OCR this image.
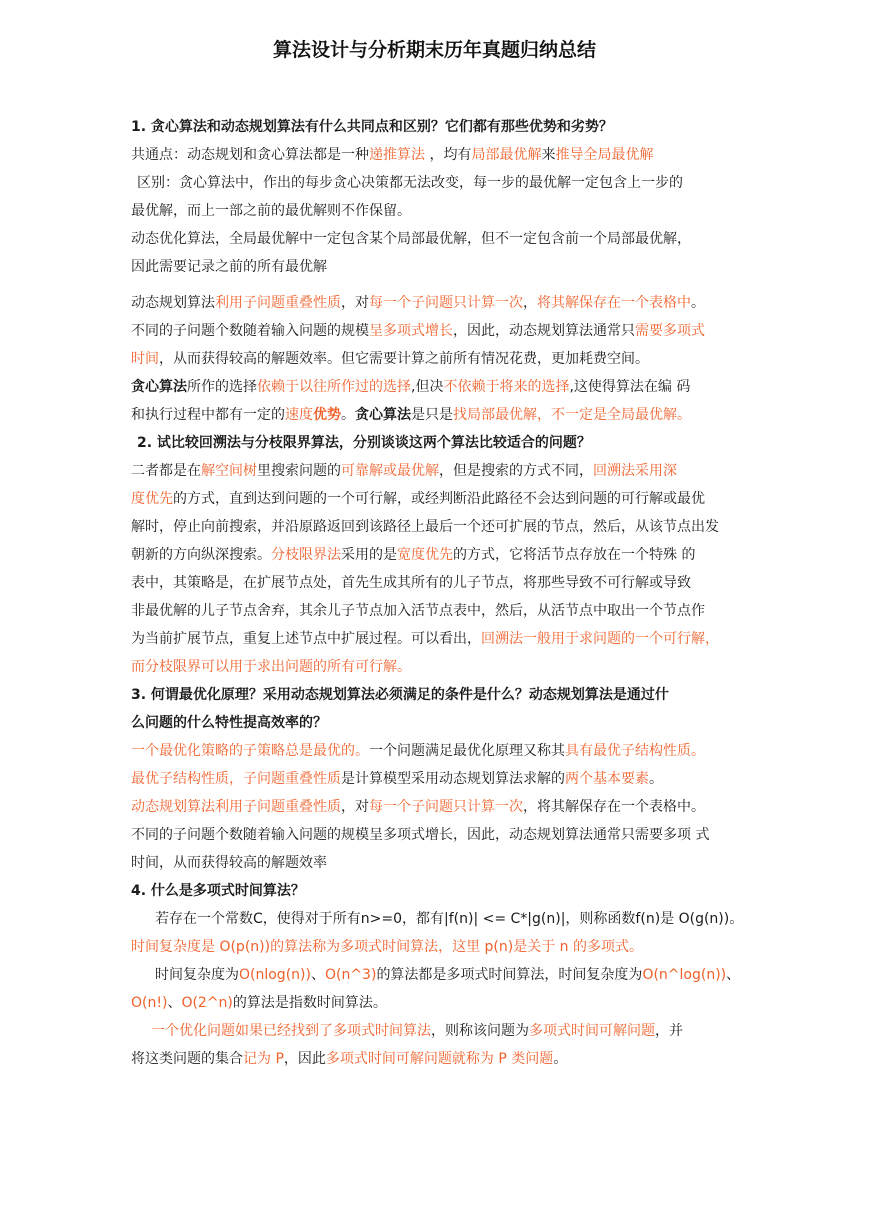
算法设计与分析期末历年真题归纳总结
1. 贪心算法和动态规划算法有什么共同点和区别？它们都有那些优势和劣势？
共通点：动态规划和贪心算法都是一种递推算法 ，均有局部最优解来推导全局最优解
区别：贪心算法中，作出的每步贪心决策都无法改变，每一步的最优解一定包含上一步的
最优解，而上一部之前的最优解则不作保留。
动态优化算法，全局最优解中一定包含某个局部最优解，但不一定包含前一个局部最优解，
因此需要记录之前的所有最优解
动态规划算法利用子问题重叠性质，对每一个子问题只计算一次，将其解保存在一个表格中。
不同的子问题个数随着输入问题的规模呈多项式增长，因此，动态规划算法通常只需要多项式
时间，从而获得较高的解题效率。但它需要计算之前所有情况花费，更加耗费空间。
贪心算法所作的选择依赖于以往所作过的选择,但决不依赖于将来的选择,这使得算法在编 码
和执行过程中都有一定的速度优势。贪心算法是只是找局部最优解，不一定是全局最优解。
2. 试比较回溯法与分枝限界算法，分别谈谈这两个算法比较适合的问题？
二者都是在解空间树里搜索问题的可靠解或最优解，但是搜索的方式不同，回溯法采用深
度优先的方式，直到达到问题的一个可行解，或经判断沿此路径不会达到问题的可行解或最优
解时，停止向前搜索，并沿原路返回到该路径上最后一个还可扩展的节点，然后，从该节点出发
朝新的方向纵深搜索。分枝限界法采用的是宽度优先的方式，它将活节点存放在一个特殊 的
表中，其策略是，在扩展节点处，首先生成其所有的儿子节点，将那些导致不可行解或导致
非最优解的儿子节点舍弃，其余儿子节点加入活节点表中，然后，从活节点中取出一个节点作
为当前扩展节点，重复上述节点中扩展过程。可以看出，回溯法一般用于求问题的一个可行解，
而分枝限界可以用于求出问题的所有可行解。
3. 何谓最优化原理？采用动态规划算法必须满足的条件是什么？动态规划算法是通过什
么问题的什么特性提高效率的？
一个最优化策略的子策略总是最优的。一个问题满足最优化原理又称其具有最优子结构性质。
最优子结构性质，子问题重叠性质是计算模型采用动态规划算法求解的两个基本要素。
动态规划算法利用子问题重叠性质，对每一个子问题只计算一次，将其解保存在一个表格中。
不同的子问题个数随着输入问题的规模呈多项式增长，因此，动态规划算法通常只需要多项 式
时间，从而获得较高的解题效率
4. 什么是多项式时间算法？
若存在一个常数C，使得对于所有n>=0，都有|f(n)| <= C*|g(n)|，则称函数f(n)是 O(g(n))。
时间复杂度是 O(p(n))的算法称为多项式时间算法，这里 p(n)是关于 n 的多项式。
时间复杂度为O(nlog(n))、O(n^3)的算法都是多项式时间算法，时间复杂度为O(n^log(n))、
O(n!)、O(2^n)的算法是指数时间算法。
一个优化问题如果已经找到了多项式时间算法，则称该问题为多项式时间可解问题，并
将这类问题的集合记为 P，因此多项式时间可解问题就称为 P 类问题。
